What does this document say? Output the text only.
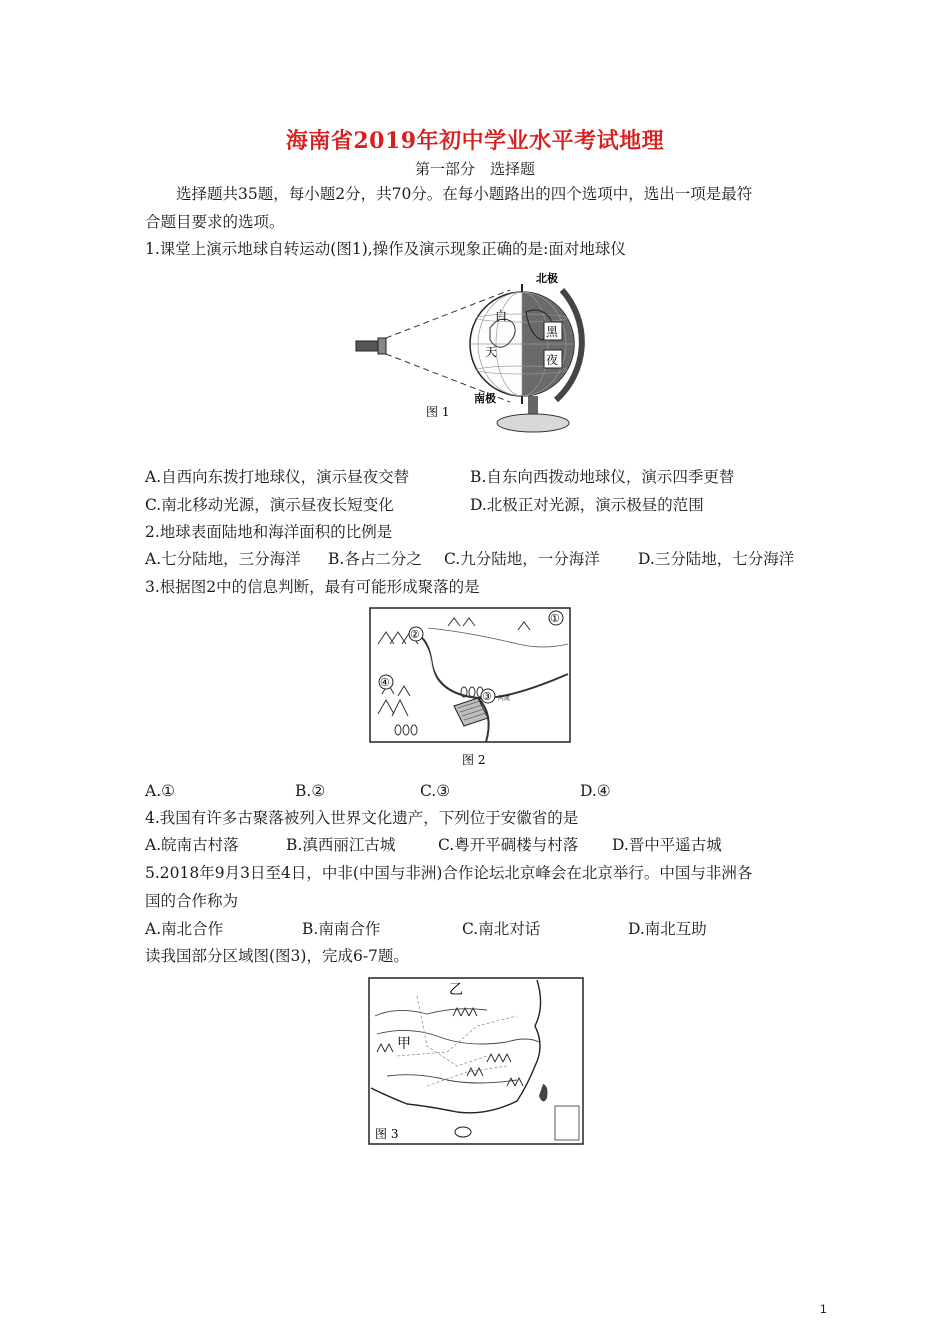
海南省2019年初中学业水平考试地理
第一部分　选择题
选择题共35题，每小题2分，共70分。在每小题路出的四个选项中，选出一项是最符
合题目要求的选项。
1.课堂上演示地球自转运动(图1),操作及演示现象正确的是:面对地球仪
北极
南极
白
天
黑
夜
图 1
A.自西向东拨打地球仪，演示昼夜交替	B.自东向西拨动地球仪，演示四季更替
C.南北移动光源，演示昼夜长短变化	D.北极正对光源，演示极昼的范围
2.地球表面陆地和海洋面积的比例是
A.七分陆地，三分海洋 B.各占二分之 C.九分陆地，一分海洋 D.三分陆地，七分海洋
3.根据图2中的信息判断，最有可能形成聚落的是
①
②
③
④
河流
图 2
A.①	B.②	C.③	D.④
4.我国有许多古聚落被列入世界文化遗产，下列位于安徽省的是
A.皖南古村落	B.滇西丽江古城	C.粤开平碉楼与村落 D.晋中平遥古城
5.2018年9月3日至4日，中非(中国与非洲)合作论坛北京峰会在北京举行。中国与非洲各
国的合作称为
A.南北合作	B.南南合作	C.南北对话	D.南北互助
读我国部分区域图(图3)，完成6-7题。
乙
甲
图 3
1
